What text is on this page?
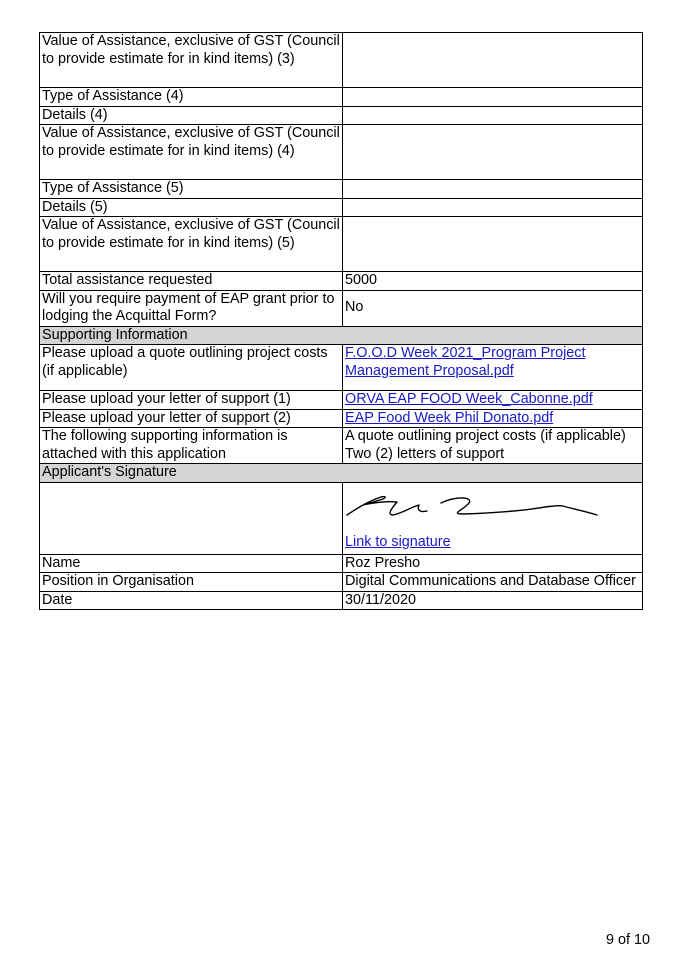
Value of Assistance, exclusive of GST (Council to provide estimate for in kind items) (3)	
Type of Assistance (4)	
Details (4)	
Value of Assistance, exclusive of GST (Council to provide estimate for in kind items) (4)	
Type of Assistance (5)	
Details (5)	
Value of Assistance, exclusive of GST (Council to provide estimate for in kind items) (5)	
Total assistance requested	5000
Will you require payment of EAP grant prior to lodging the Acquittal Form?	No
Supporting Information	
Please upload a quote outlining project costs (if applicable)	F.O.O.D Week 2021_Program Project Management Proposal.pdf
Please upload your letter of support (1)	ORVA EAP FOOD Week_Cabonne.pdf
Please upload your letter of support (2)	EAP Food Week Phil Donato.pdf
The following supporting information is attached with this application	A quote outlining project costs (if applicable)
Two (2) letters of support

Applicant's Signature	

	Link to signature

Name	Roz Presho
Position in Organisation	Digital Communications and Database Officer
Date	30/11/2020
9 of 10
